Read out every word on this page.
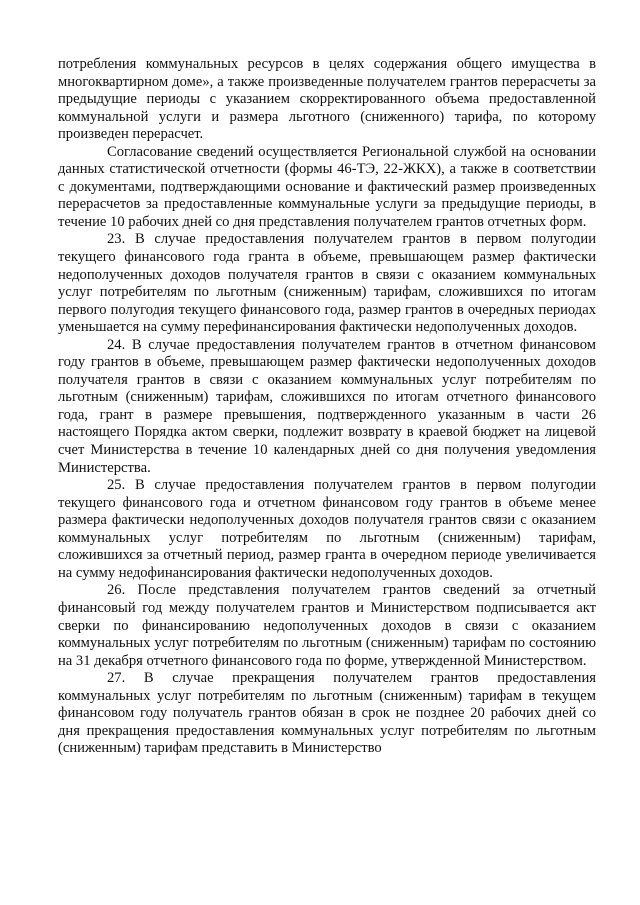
потребления коммунальных ресурсов в целях содержания общего имущества в многоквартирном доме», а также произведенные получателем грантов перерасчеты за предыдущие периоды с указанием скорректированного объема предоставленной коммунальной услуги и размера льготного (сниженного) тарифа, по которому произведен перерасчет.

Согласование сведений осуществляется Региональной службой на основании данных статистической отчетности (формы 46-ТЭ, 22-ЖКХ), а также в соответствии с документами, подтверждающими основание и фактический размер произведенных перерасчетов за предоставленные коммунальные услуги за предыдущие периоды, в течение 10 рабочих дней со дня представления получателем грантов отчетных форм.

23. В случае предоставления получателем грантов в первом полугодии текущего финансового года гранта в объеме, превышающем размер фактически недополученных доходов получателя грантов в связи с оказанием коммунальных услуг потребителям по льготным (сниженным) тарифам, сложившихся по итогам первого полугодия текущего финансового года, размер грантов в очередных периодах уменьшается на сумму перефинансирования фактически недополученных доходов.

24. В случае предоставления получателем грантов в отчетном финансовом году грантов в объеме, превышающем размер фактически недополученных доходов получателя грантов в связи с оказанием коммунальных услуг потребителям по льготным (сниженным) тарифам, сложившихся по итогам отчетного финансового года, грант в размере превышения, подтвержденного указанным в части 26 настоящего Порядка актом сверки, подлежит возврату в краевой бюджет на лицевой счет Министерства в течение 10 календарных дней со дня получения уведомления Министерства.

25. В случае предоставления получателем грантов в первом полугодии текущего финансового года и отчетном финансовом году грантов в объеме менее размера фактически недополученных доходов получателя грантов связи с оказанием коммунальных услуг потребителям по льготным (сниженным) тарифам, сложившихся за отчетный период, размер гранта в очередном периоде увеличивается на сумму недофинансирования фактически недополученных доходов.

26. После представления получателем грантов сведений за отчетный финансовый год между получателем грантов и Министерством подписывается акт сверки по финансированию недополученных доходов в связи с оказанием коммунальных услуг потребителям по льготным (сниженным) тарифам по состоянию на 31 декабря отчетного финансового года по форме, утвержденной Министерством.

27. В случае прекращения получателем грантов предоставления коммунальных услуг потребителям по льготным (сниженным) тарифам в текущем финансовом году получатель грантов обязан в срок не позднее 20 рабочих дней со дня прекращения предоставления коммунальных услуг потребителям по льготным (сниженным) тарифам представить в Министерство
